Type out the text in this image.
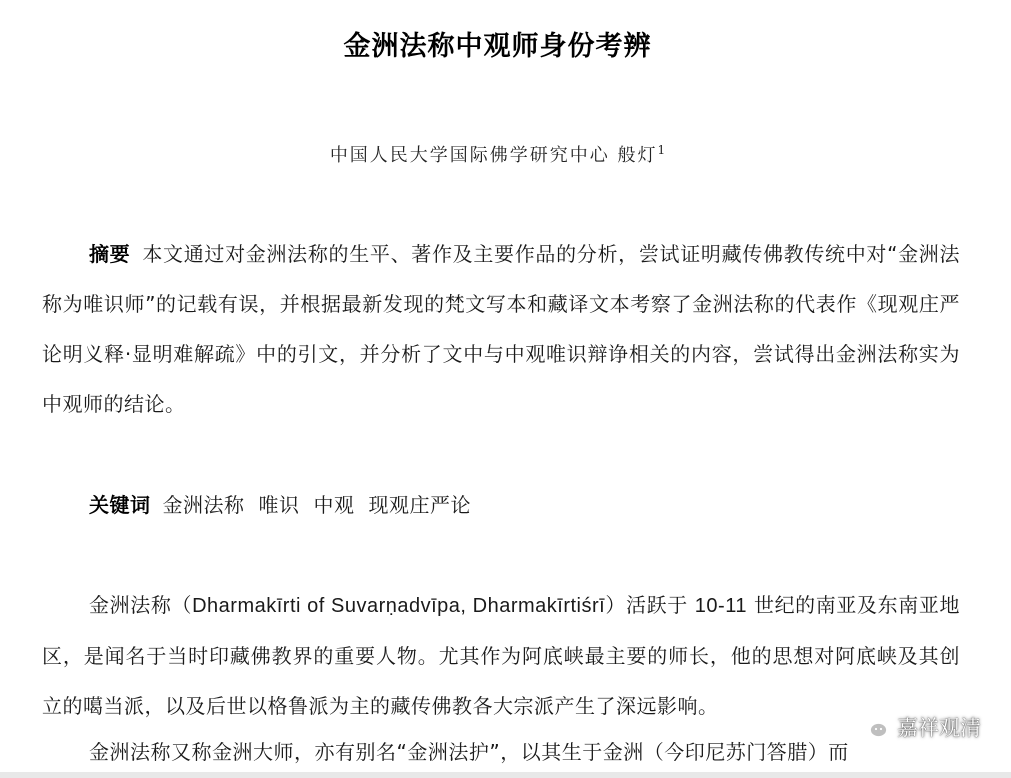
金洲法称中观师身份考辨
中国人民大学国际佛学研究中心 般灯$^1$
摘要 本文通过对金洲法称的生平、著作及主要作品的分析，尝试证明藏传佛教传统中对“金洲法称为唯识师”的记载有误，并根据最新发现的梵文写本和藏译文本考察了金洲法称的代表作《现观庄严论明义释·显明难解疏》中的引文，并分析了文中与中观唯识辩诤相关的内容，尝试得出金洲法称实为中观师的结论。
关键词 金洲法称 唯识 中观 现观庄严论
金洲法称（Dharmakīrti of Suvarṇadvīpa, Dharmakīrtiśrī）活跃于 10-11 世纪的南亚及东南亚地区，是闻名于当时印藏佛教界的重要人物。尤其作为阿底峡最主要的师长，他的思想对阿底峡及其创立的噶当派，以及后世以格鲁派为主的藏传佛教各大宗派产生了深远影响。
金洲法称又称金洲大师，亦有别名“金洲法护”，以其生于金洲（今印尼苏门答腊）而
嘉祥观清
